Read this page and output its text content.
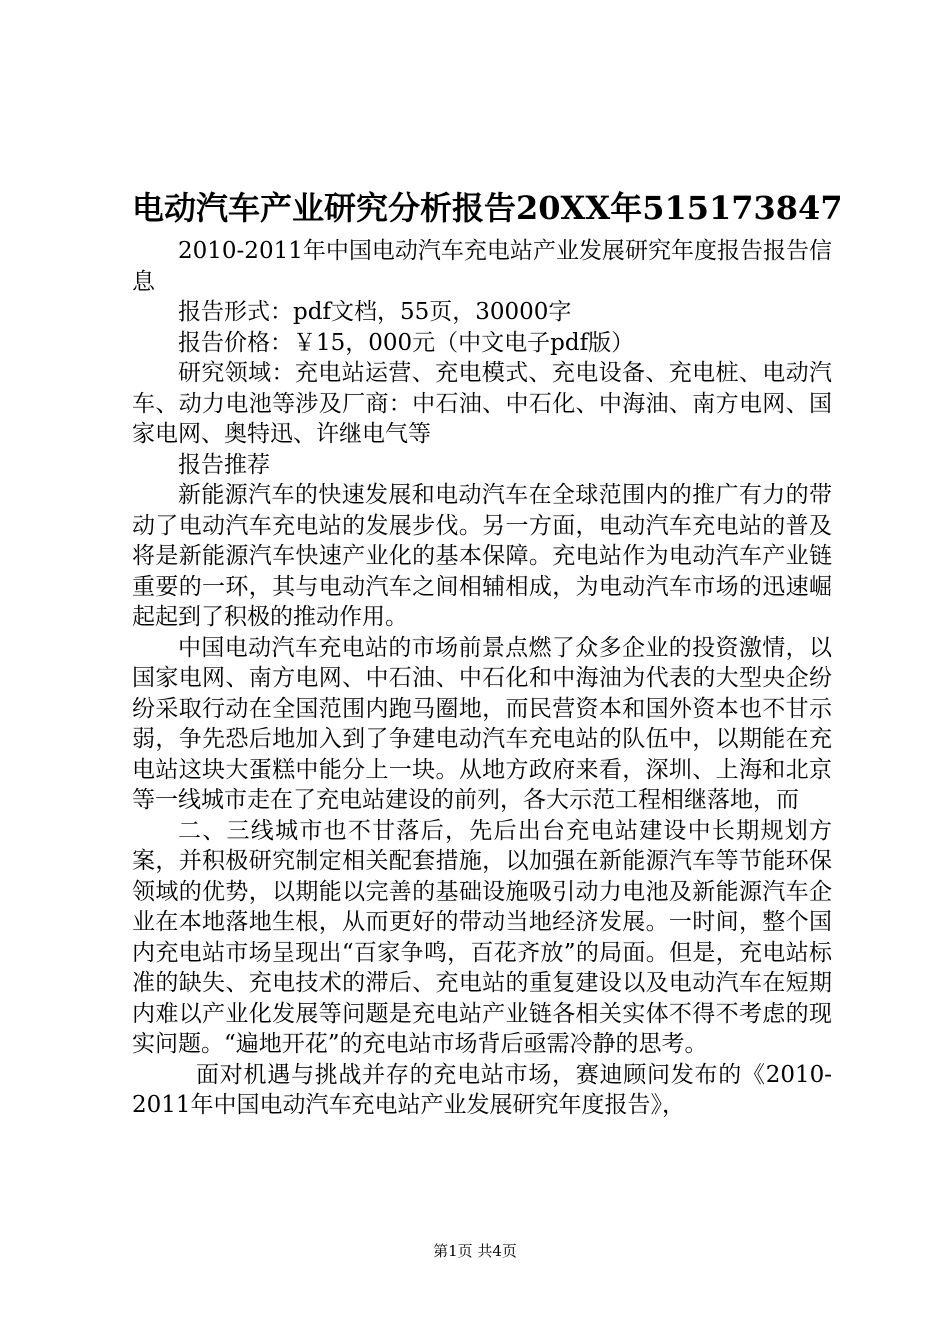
电动汽车产业研究分析报告20XX年515173847

2010-2011年中国电动汽车充电站产业发展研究年度报告报告信息

报告形式：pdf文档，55页，30000字

报告价格：￥15，000元（中文电子pdf版）

研究领域：充电站运营、充电模式、充电设备、充电桩、电动汽车、动力电池等涉及厂商：中石油、中石化、中海油、南方电网、国家电网、奥特迅、许继电气等

报告推荐

新能源汽车的快速发展和电动汽车在全球范围内的推广有力的带动了电动汽车充电站的发展步伐。另一方面，电动汽车充电站的普及将是新能源汽车快速产业化的基本保障。充电站作为电动汽车产业链重要的一环，其与电动汽车之间相辅相成，为电动汽车市场的迅速崛起起到了积极的推动作用。

中国电动汽车充电站的市场前景点燃了众多企业的投资激情，以国家电网、南方电网、中石油、中石化和中海油为代表的大型央企纷纷采取行动在全国范围内跑马圈地，而民营资本和国外资本也不甘示弱，争先恐后地加入到了争建电动汽车充电站的队伍中，以期能在充电站这块大蛋糕中能分上一块。从地方政府来看，深圳、上海和北京等一线城市走在了充电站建设的前列，各大示范工程相继落地，而

二、三线城市也不甘落后，先后出台充电站建设中长期规划方案，并积极研究制定相关配套措施，以加强在新能源汽车等节能环保领域的优势，以期能以完善的基础设施吸引动力电池及新能源汽车企业在本地落地生根，从而更好的带动当地经济发展。一时间，整个国内充电站市场呈现出“百家争鸣，百花齐放”的局面。但是，充电站标准的缺失、充电技术的滞后、充电站的重复建设以及电动汽车在短期内难以产业化发展等问题是充电站产业链各相关实体不得不考虑的现实问题。“遍地开花”的充电站市场背后亟需冷静的思考。

面对机遇与挑战并存的充电站市场，赛迪顾问发布的《2010-2011年中国电动汽车充电站产业发展研究年度报告》，

第1页 共4页
